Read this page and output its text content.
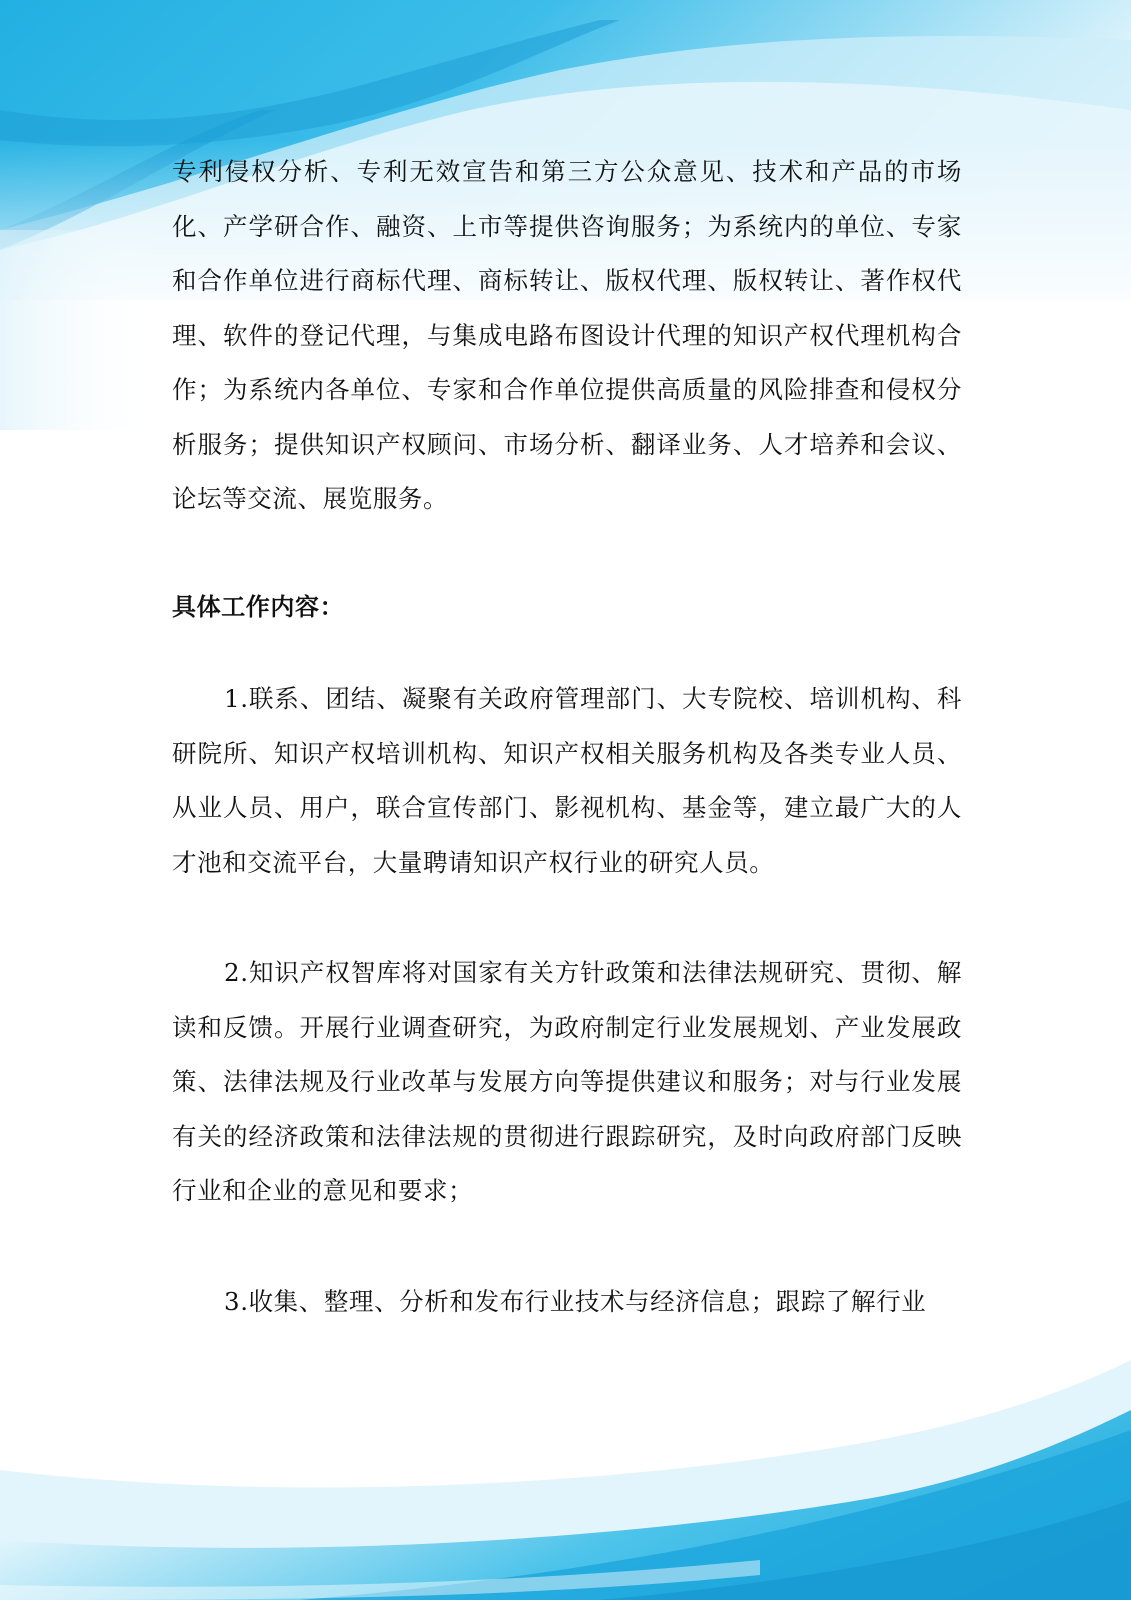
专利侵权分析、专利无效宣告和第三方公众意见、技术和产品的市场化、产学研合作、融资、上市等提供咨询服务；为系统内的单位、专家和合作单位进行商标代理、商标转让、版权代理、版权转让、著作权代理、软件的登记代理，与集成电路布图设计代理的知识产权代理机构合作；为系统内各单位、专家和合作单位提供高质量的风险排查和侵权分析服务；提供知识产权顾问、市场分析、翻译业务、人才培养和会议、论坛等交流、展览服务。

具体工作内容：

1.联系、团结、凝聚有关政府管理部门、大专院校、培训机构、科研院所、知识产权培训机构、知识产权相关服务机构及各类专业人员、从业人员、用户，联合宣传部门、影视机构、基金等，建立最广大的人才池和交流平台，大量聘请知识产权行业的研究人员。

2.知识产权智库将对国家有关方针政策和法律法规研究、贯彻、解读和反馈。开展行业调查研究，为政府制定行业发展规划、产业发展政策、法律法规及行业改革与发展方向等提供建议和服务；对与行业发展有关的经济政策和法律法规的贯彻进行跟踪研究，及时向政府部门反映行业和企业的意见和要求；

3.收集、整理、分析和发布行业技术与经济信息；跟踪了解行业
